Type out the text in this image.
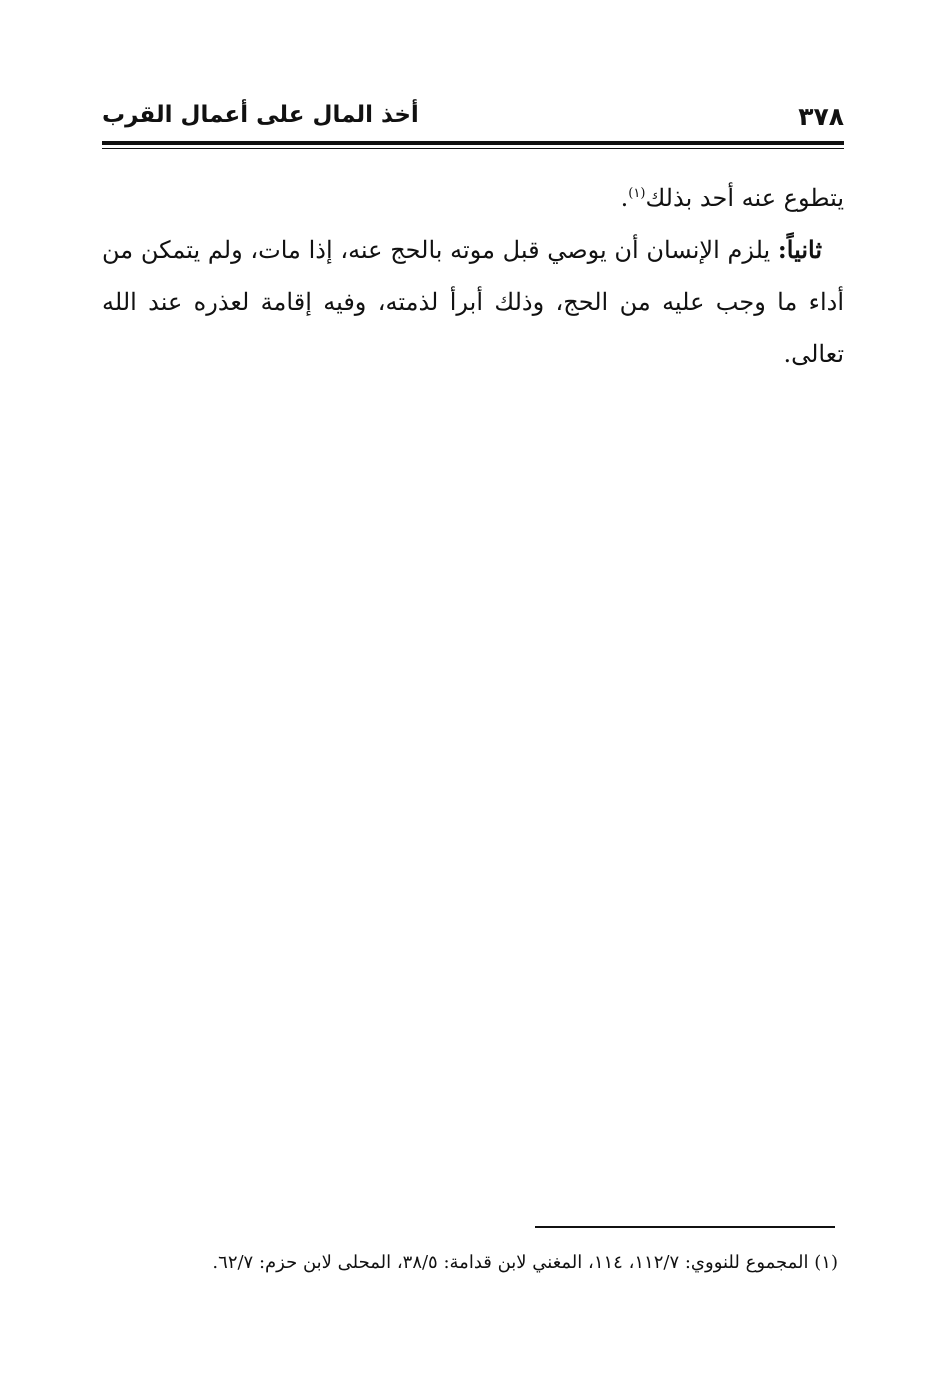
٣٧٨
أخذ المال على أعمال القرب

يتطوع عنه أحد بذلك$^{(١)}$.

ثانياً: يلزم الإنسان أن يوصي قبل موته بالحج عنه، إذا مات، ولم يتمكن من أداء ما وجب عليه من الحج، وذلك أبرأ لذمته، وفيه إقامة لعذره عند الله تعالى.

(١) المجموع للنووي: ١١٢/٧، ١١٤، المغني لابن قدامة: ٣٨/٥، المحلى لابن حزم: ٦٢/٧.
